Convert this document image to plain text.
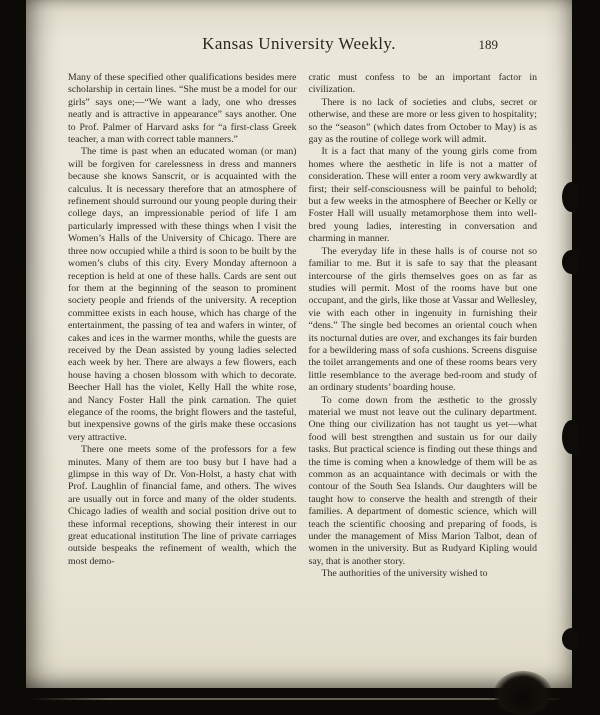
Kansas University Weekly.	189

Many of these specified other qualifications besides mere scholarship in certain lines. “She must be a model for our girls” says one;—“We want a lady, one who dresses neatly and is attractive in appearance” says another. One to Prof. Palmer of Harvard asks for “a first-class Greek teacher, a man with correct table manners.”

The time is past when an educated woman (or man) will be forgiven for carelessness in dress and manners because she knows Sanscrit, or is acquainted with the calculus. It is necessary therefore that an atmosphere of refinement should surround our young people during their college days, an impressionable period of life I am particularly impressed with these things when I visit the Women’s Halls of the University of Chicago. There are three now occupied while a third is soon to be built by the women’s clubs of this city. Every Monday afternoon a reception is held at one of these halls. Cards are sent out for them at the beginning of the season to prominent society people and friends of the university. A reception committee exists in each house, which has charge of the entertainment, the passing of tea and wafers in winter, of cakes and ices in the warmer months, while the guests are received by the Dean assisted by young ladies selected each week by her. There are always a few flowers, each house having a chosen blossom with which to decorate. Beecher Hall has the violet, Kelly Hall the white rose, and Nancy Foster Hall the pink carnation. The quiet elegance of the rooms, the bright flowers and the tasteful, but inexpensive gowns of the girls make these occasions very attractive.

There one meets some of the professors for a few minutes. Many of them are too busy but I have had a glimpse in this way of Dr. Von-Holst, a hasty chat with Prof. Laughlin of financial fame, and others. The wives are usually out in force and many of the older students. Chicago ladies of wealth and social position drive out to these informal receptions, showing their interest in our great educational institution The line of private carriages outside bespeaks the refinement of wealth, which the most demo-

cratic must confess to be an important factor in civilization.

There is no lack of societies and clubs, secret or otherwise, and these are more or less given to hospitality; so the “season” (which dates from October to May) is as gay as the routine of college work will admit.

It is a fact that many of the young girls come from homes where the aesthetic in life is not a matter of consideration. These will enter a room very awkwardly at first; their self-consciousness will be painful to behold; but a few weeks in the atmosphere of Beecher or Kelly or Foster Hall will usually metamorphose them into well-bred young ladies, interesting in conversation and charming in manner.

The everyday life in these halls is of course not so familiar to me. But it is safe to say that the pleasant intercourse of the girls themselves goes on as far as studies will permit. Most of the rooms have but one occupant, and the girls, like those at Vassar and Wellesley, vie with each other in ingenuity in furnishing their “dens.” The single bed becomes an oriental couch when its nocturnal duties are over, and exchanges its fair burden for a bewildering mass of sofa cushions. Screens disguise the toilet arrangements and one of these rooms bears very little resemblance to the average bed-room and study of an ordinary students’ boarding house.

To come down from the æsthetic to the grossly material we must not leave out the culinary department. One thing our civilization has not taught us yet—what food will best strengthen and sustain us for our daily tasks. But practical science is finding out these things and the time is coming when a knowledge of them will be as common as an acquaintance with decimals or with the contour of the South Sea Islands. Our daughters will be taught how to conserve the health and strength of their families. A department of domestic science, which will teach the scientific choosing and preparing of foods, is under the management of Miss Marion Talbot, dean of women in the university. But as Rudyard Kipling would say, that is another story.

The authorities of the university wished to
